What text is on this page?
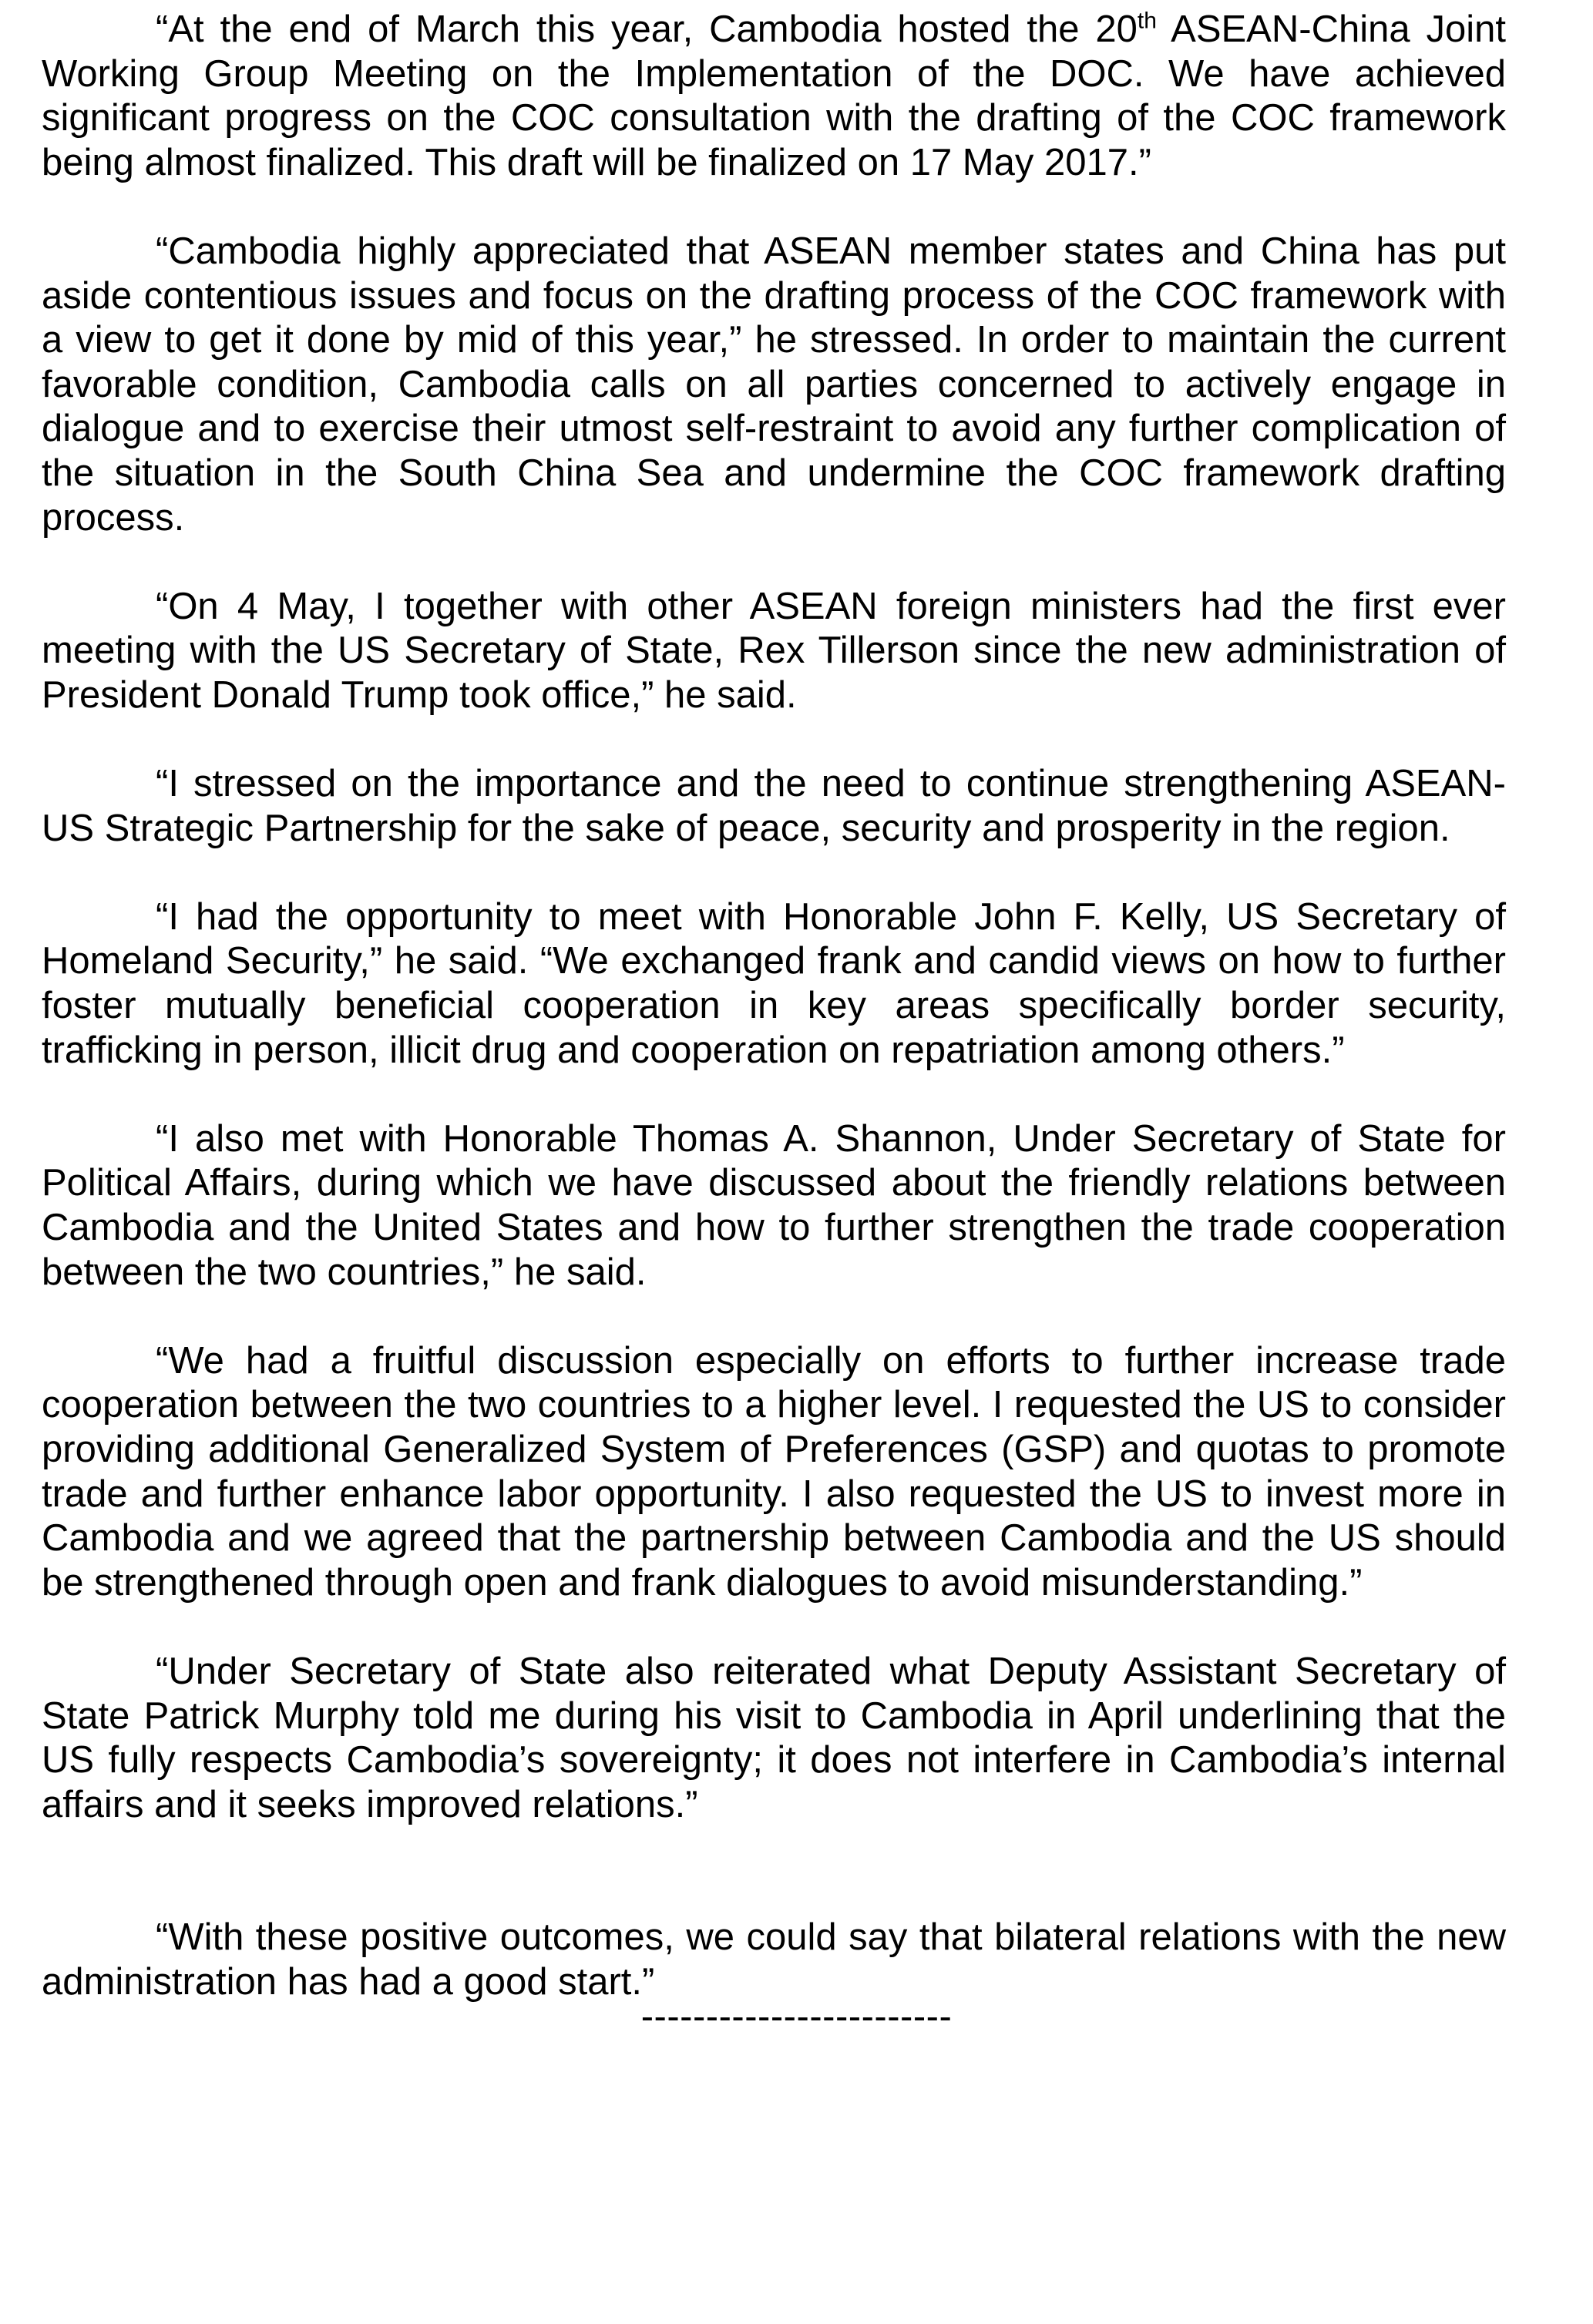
“At the end of March this year, Cambodia hosted the 20th ASEAN-China Joint Working Group Meeting on the Implementation of the DOC. We have achieved significant progress on the COC consultation with the drafting of the COC framework being almost finalized. This draft will be finalized on 17 May 2017.”

“Cambodia highly appreciated that ASEAN member states and China has put aside contentious issues and focus on the drafting process of the COC framework with a view to get it done by mid of this year,” he stressed. In order to maintain the current favorable condition, Cambodia calls on all parties concerned to actively engage in dialogue and to exercise their utmost self-restraint to avoid any further complication of the situation in the South China Sea and undermine the COC framework drafting process.

“On 4 May, I together with other ASEAN foreign ministers had the first ever meeting with the US Secretary of State, Rex Tillerson since the new administration of President Donald Trump took office,” he said.

“I stressed on the importance and the need to continue strengthening ASEAN-US Strategic Partnership for the sake of peace, security and prosperity in the region.

“I had the opportunity to meet with Honorable John F. Kelly, US Secretary of Homeland Security,” he said. “We exchanged frank and candid views on how to further foster mutually beneficial cooperation in key areas specifically border security, trafficking in person, illicit drug and cooperation on repatriation among others.”

“I also met with Honorable Thomas A. Shannon, Under Secretary of State for Political Affairs, during which we have discussed about the friendly relations between Cambodia and the United States and how to further strengthen the trade cooperation between the two countries,” he said.

“We had a fruitful discussion especially on efforts to further increase trade cooperation between the two countries to a higher level. I requested the US to consider providing additional Generalized System of Preferences (GSP) and quotas to promote trade and further enhance labor opportunity. I also requested the US to invest more in Cambodia and we agreed that the partnership between Cambodia and the US should be strengthened through open and frank dialogues to avoid misunderstanding.”

“Under Secretary of State also reiterated what Deputy Assistant Secretary of State Patrick Murphy told me during his visit to Cambodia in April underlining that the US fully respects Cambodia’s sovereignty; it does not interfere in Cambodia’s internal affairs and it seeks improved relations.”

“With these positive outcomes, we could say that bilateral relations with the new administration has had a good start.”

------------------------
